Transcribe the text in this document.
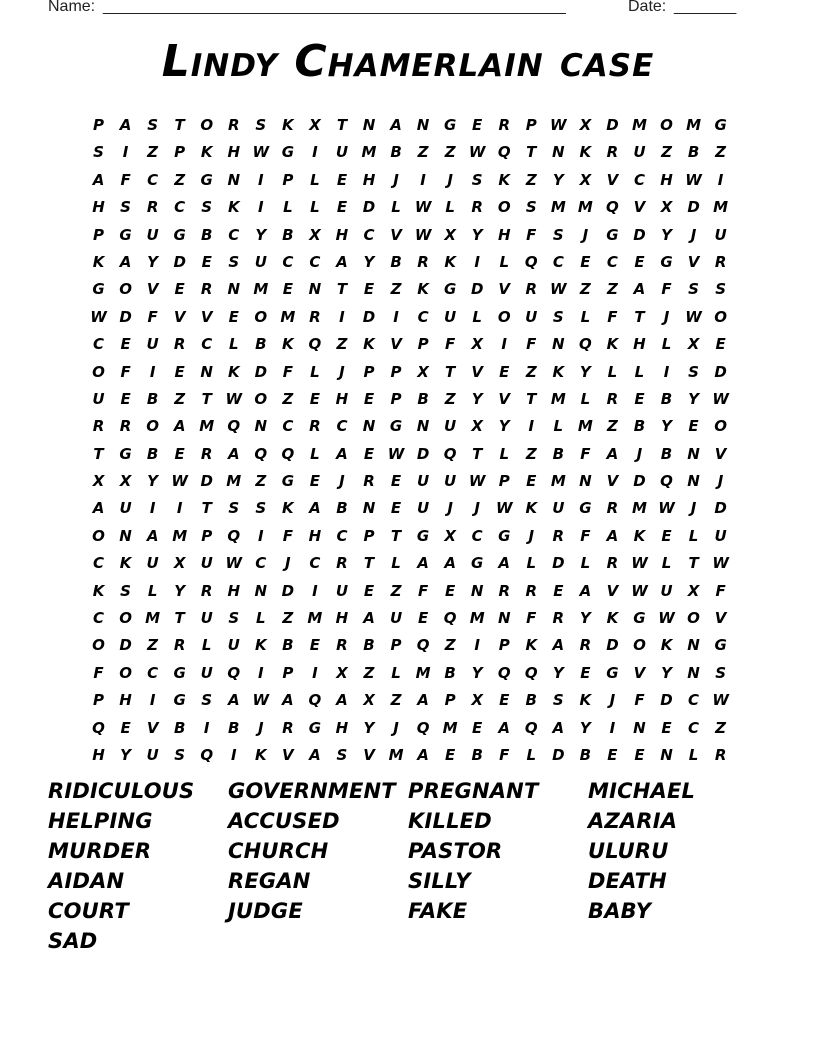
Name: ____________________________________________________	Date: _______
Lindy Chamerlain case
P	A	S	T	O R	S	K	X	T	N A N G	E	R	P W X	D M O M G
S	I	Z	P	K H W G	I	U M B	Z	Z W Q	T	N K	R	U	Z	B	Z
A	F	C	Z	G N	I	P	L	E	H	J	I	J	S	K	Z	Y	X	V	C	H W	I
H	S	R	C	S	K	I	L	L	E	D	L W L	R O	S M M Q V	X	D M
P	G U G	B	C	Y	B	X H	C	V W X	Y	H	F	S	J	G D	Y	J	U
K	A	Y	D	E	S	U	C	C	A	Y	B	R	K	I	L	Q	C	E	C	E	G	V	R
G O V	E	R N M E	N	T	E	Z	K	G D	V	R W Z	Z	A	F	S	S
W D	F	V	V	E	O M R	I	D	I	C	U	L	O U	S	L	F	T	J	W O
C	E	U	R	C	L	B	K Q	Z	K	V	P	F	X	I	F	N Q K H	L	X	E
O	F	I	E	N K	D	F	L	J	P	P	X	T	V	E	Z	K	Y	L	L	I	S	D
U	E	B	Z	T W O	Z	E	H	E	P	B	Z	Y	V	T M L	R	E	B	Y W
R	R O A M Q N	C	R	C	N G N U	X	Y	I	L M Z	B	Y	E	O
T	G	B	E	R	A Q Q	L	A	E W D Q	T	L	Z	B	F	A	J	B	N V
X	X	Y W D M Z	G	E	J	R	E	U U W P	E M N V	D Q N	J
A	U	I	I	T	S	S	K	A	B	N	E	U	J	J	W K	U G	R M W	J	D
O N A M P	Q	I	F	H	C	P	T	G	X	C	G	J	R	F	A	K	E	L	U
C	K	U	X	U W C	J	C	R	T	L	A	A	G	A	L	D	L	R W L	T W
K	S	L	Y	R H N D	I	U	E	Z	F	E	N R	R	E	A	V W U	X	F
C	O M T	U	S	L	Z M H A	U	E	Q M N	F	R	Y	K	G W O V
O D	Z	R	L	U	K	B	E	R	B	P	Q	Z	I	P	K	A	R	D O K N G
F	O	C	G U Q	I	P	I	X	Z	L M B	Y	Q Q	Y	E	G	V	Y	N	S
P	H	I	G	S	A W A Q A	X	Z	A	P	X	E	B	S	K	J	F	D	C W
Q	E	V	B	I	B	J	R	G H	Y	J	Q M E	A Q A	Y	I	N	E	C	Z
H	Y	U	S	Q	I	K	V	A	S	V M A	E	B	F	L	D	B	E	E	N	L	R
RIDICULOUS	GOVERNMENT PREGNANT	MICHAEL
HELPING	ACCUSED	KILLED	AZARIA
MURDER	CHURCH	PASTOR	ULURU
AIDAN	REGAN	SILLY	DEATH
COURT	JUDGE	FAKE	BABY
SAD
